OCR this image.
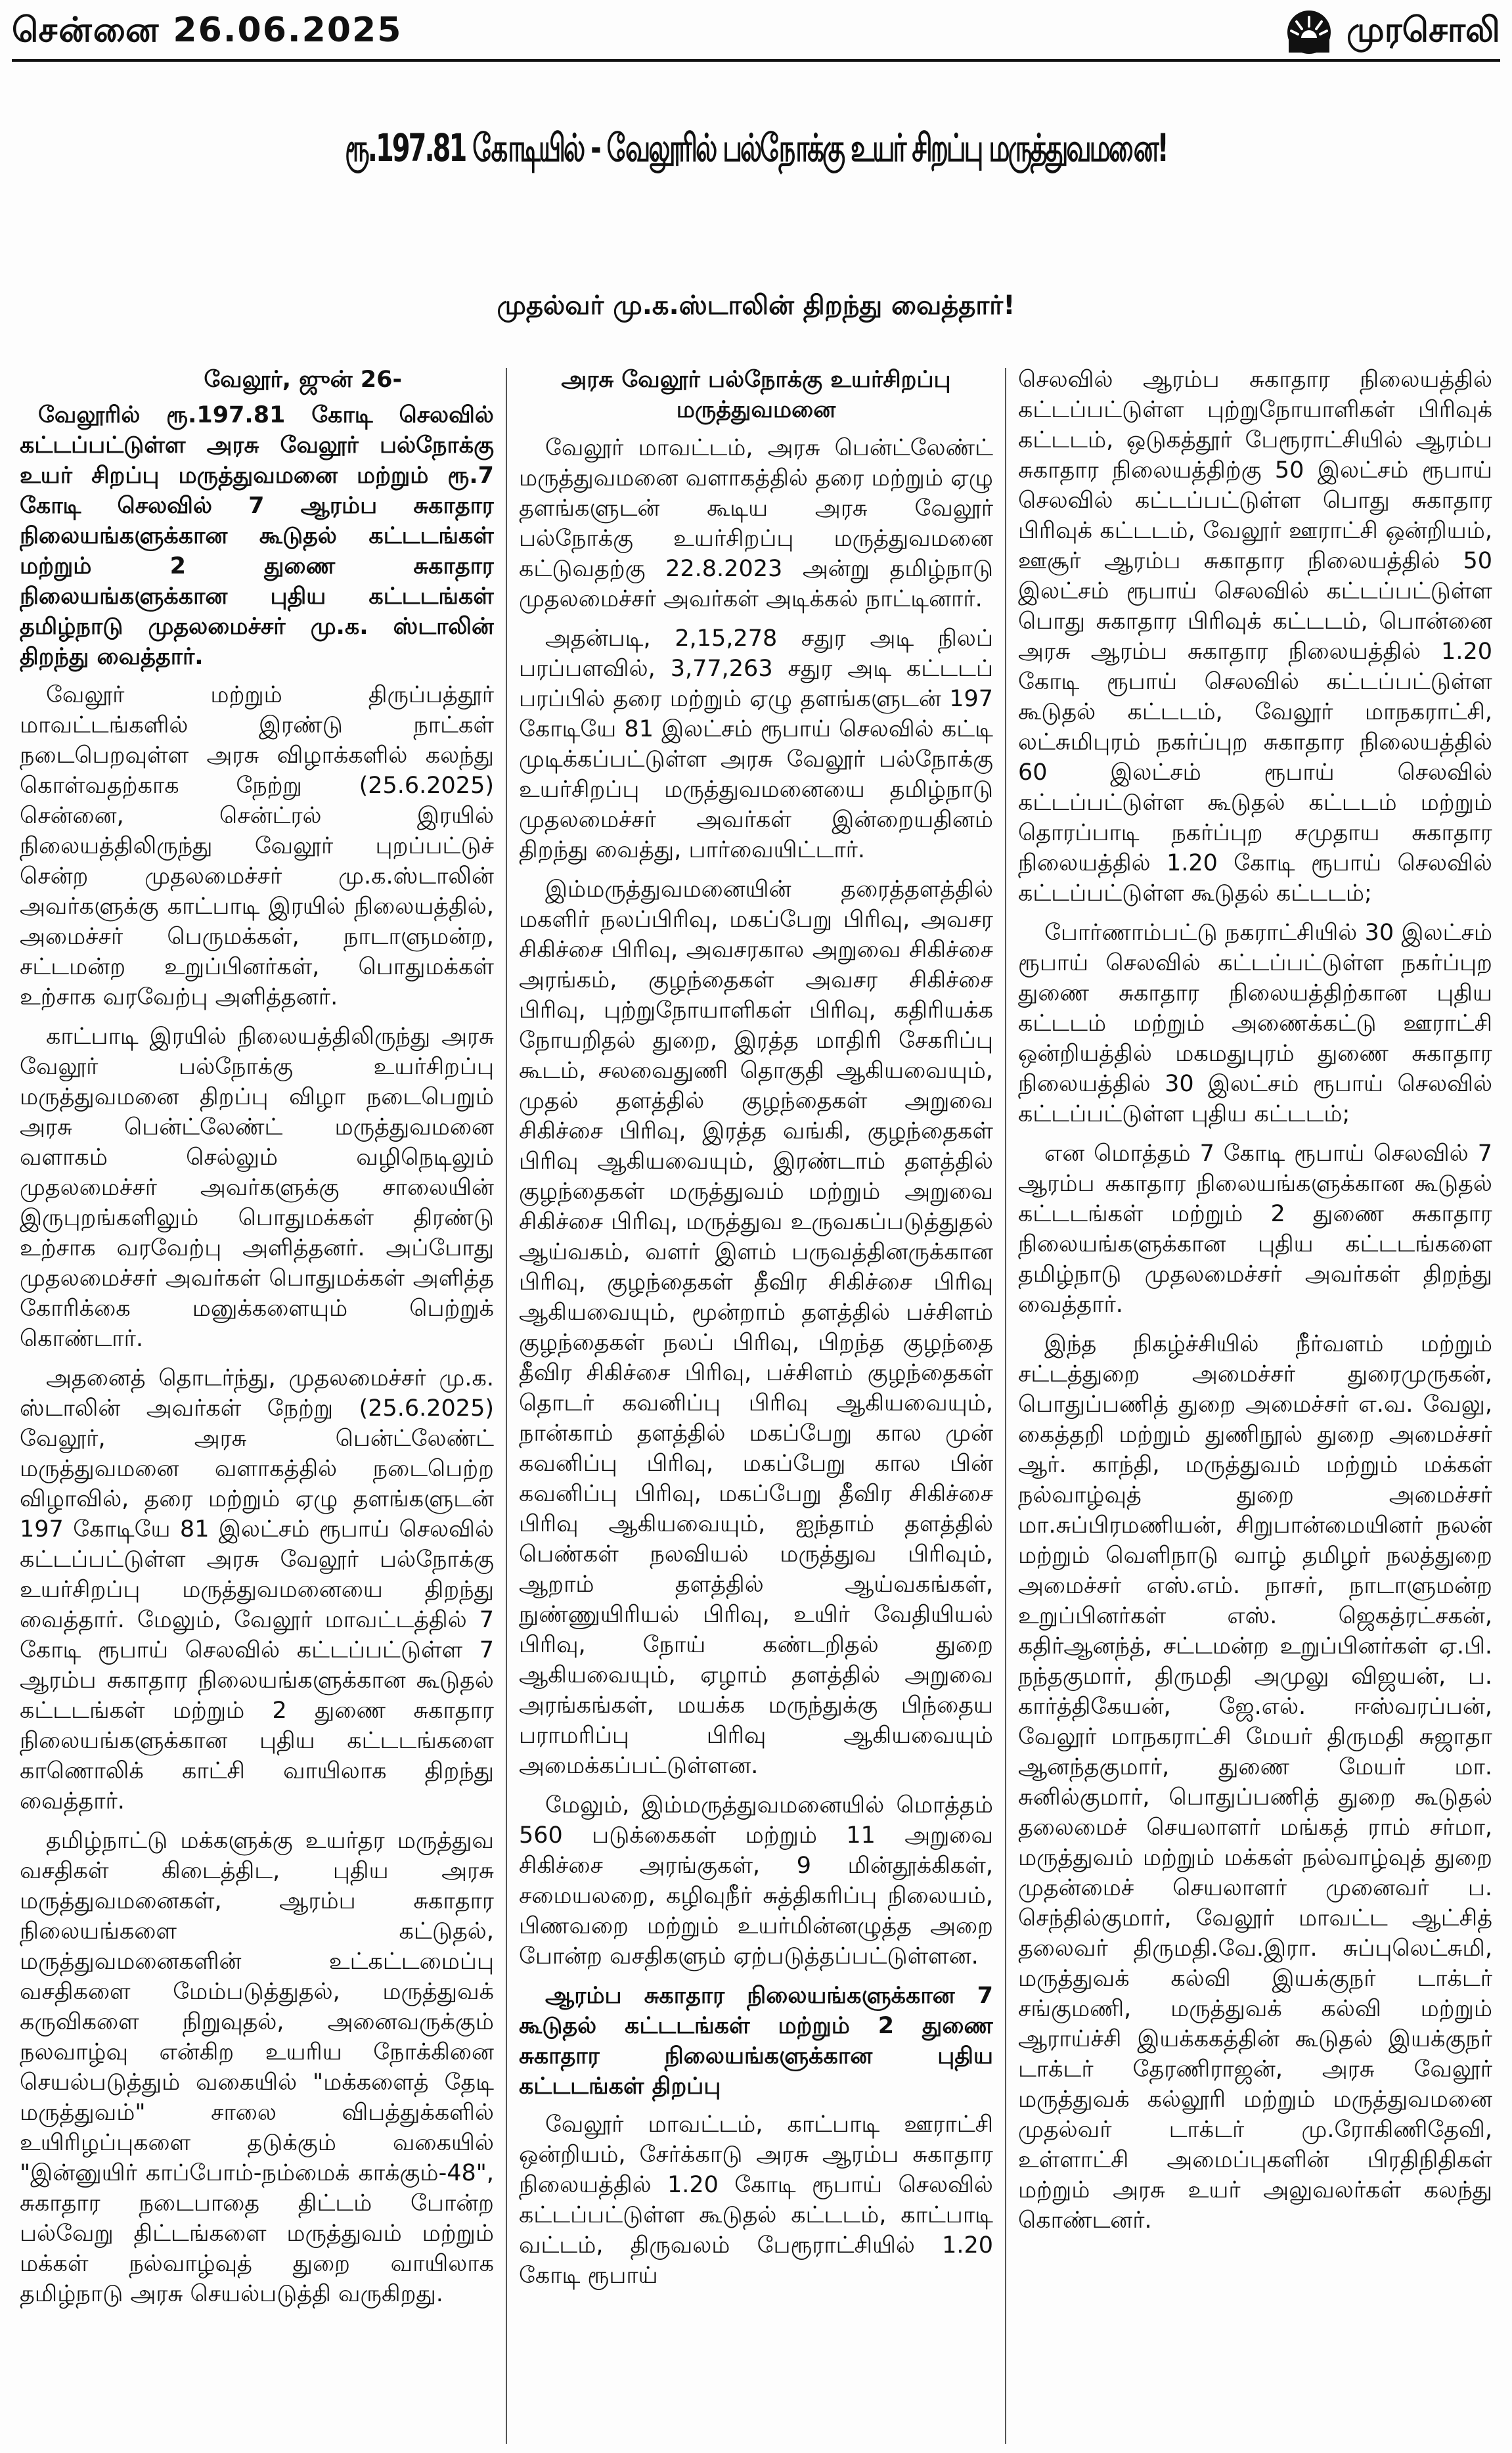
சென்னை 26.06.2025	முரசொலி
ரூ.197.81 கோடியில் - வேலூரில் பல்நோக்கு உயர் சிறப்பு மருத்துவமனை!
முதல்வர் மு.க.ஸ்டாலின் திறந்து வைத்தார்!

வேலூர், ஜுன் 26-

வேலூரில் ரூ.197.81 கோடி செலவில் கட்டப்பட்டுள்ள அரசு வேலூர் பல்நோக்கு உயர் சிறப்பு மருத்துவமனை மற்றும் ரூ.7 கோடி செலவில் 7 ஆரம்ப சுகாதார நிலையங்களுக்கான கூடுதல் கட்டடங்கள் மற்றும் 2 துணை சுகாதார நிலையங்களுக்கான புதிய கட்டடங்கள் தமிழ்நாடு முதலமைச்சர் மு.க. ஸ்டாலின் திறந்து வைத்தார்.

வேலூர் மற்றும் திருப்பத்தூர் மாவட்டங்களில் இரண்டு நாட்கள் நடைபெறவுள்ள அரசு விழாக்களில் கலந்து கொள்வதற்காக நேற்று (25.6.2025) சென்னை, சென்ட்ரல் இரயில் நிலையத்திலிருந்து வேலூர் புறப்பட்டுச் சென்ற முதலமைச்சர் மு.க.ஸ்டாலின் அவர்களுக்கு காட்பாடி இரயில் நிலையத்தில், அமைச்சர் பெருமக்கள், நாடாளுமன்ற, சட்டமன்ற உறுப்பினர்கள், பொதுமக்கள் உற்சாக வரவேற்பு அளித்தனர்.

காட்பாடி இரயில் நிலையத்திலிருந்து அரசு வேலூர் பல்நோக்கு உயர்சிறப்பு மருத்துவமனை திறப்பு விழா நடைபெறும் அரசு பென்ட்லேண்ட் மருத்துவமனை வளாகம் செல்லும் வழிநெடிலும் முதலமைச்சர் அவர்களுக்கு சாலையின் இருபுறங்களிலும் பொதுமக்கள் திரண்டு உற்சாக வரவேற்பு அளித்தனர். அப்போது முதலமைச்சர் அவர்கள் பொதுமக்கள் அளித்த கோரிக்கை மனுக்களையும் பெற்றுக் கொண்டார்.

அதனைத் தொடர்ந்து, முதலமைச்சர் மு.க. ஸ்டாலின் அவர்கள் நேற்று (25.6.2025) வேலூர், அரசு பென்ட்லேண்ட் மருத்துவமனை வளாகத்தில் நடைபெற்ற விழாவில், தரை மற்றும் ஏழு தளங்களுடன் 197 கோடியே 81 இலட்சம் ரூபாய் செலவில் கட்டப்பட்டுள்ள அரசு வேலூர் பல்நோக்கு உயர்சிறப்பு மருத்துவமனையை திறந்து வைத்தார். மேலும், வேலூர் மாவட்டத்தில் 7 கோடி ரூபாய் செலவில் கட்டப்பட்டுள்ள 7 ஆரம்ப சுகாதார நிலையங்களுக்கான கூடுதல் கட்டடங்கள் மற்றும் 2 துணை சுகாதார நிலையங்களுக்கான புதிய கட்டடங்களை காணொலிக் காட்சி வாயிலாக திறந்து வைத்தார்.

தமிழ்நாட்டு மக்களுக்கு உயர்தர மருத்துவ வசதிகள் கிடைத்திட, புதிய அரசு மருத்துவமனைகள், ஆரம்ப சுகாதார நிலையங்களை கட்டுதல், மருத்துவமனைகளின் உட்கட்டமைப்பு வசதிகளை மேம்படுத்துதல், மருத்துவக் கருவிகளை நிறுவுதல், அனைவருக்கும் நலவாழ்வு என்கிற உயரிய நோக்கினை செயல்படுத்தும் வகையில் "மக்களைத் தேடி மருத்துவம்" சாலை விபத்துக்களில் உயிரிழப்புகளை தடுக்கும் வகையில் "இன்னுயிர் காப்போம்-நம்மைக் காக்கும்-48", சுகாதார நடைபாதை திட்டம் போன்ற பல்வேறு திட்டங்களை மருத்துவம் மற்றும் மக்கள் நல்வாழ்வுத் துறை வாயிலாக தமிழ்நாடு அரசு செயல்படுத்தி வருகிறது.

அரசு வேலூர் பல்நோக்கு உயர்சிறப்பு மருத்துவமனை

வேலூர் மாவட்டம், அரசு பென்ட்லேண்ட் மருத்துவமனை வளாகத்தில் தரை மற்றும் ஏழு தளங்களுடன் கூடிய அரசு வேலூர் பல்நோக்கு உயர்சிறப்பு மருத்துவமனை கட்டுவதற்கு 22.8.2023 அன்று தமிழ்நாடு முதலமைச்சர் அவர்கள் அடிக்கல் நாட்டினார்.

அதன்படி, 2,15,278 சதுர அடி நிலப் பரப்பளவில், 3,77,263 சதுர அடி கட்டடப் பரப்பில் தரை மற்றும் ஏழு தளங்களுடன் 197 கோடியே 81 இலட்சம் ரூபாய் செலவில் கட்டி முடிக்கப்பட்டுள்ள அரசு வேலூர் பல்நோக்கு உயர்சிறப்பு மருத்துவமனையை தமிழ்நாடு முதலமைச்சர் அவர்கள் இன்றையதினம் திறந்து வைத்து, பார்வையிட்டார்.

இம்மருத்துவமனையின் தரைத்தளத்தில் மகளிர் நலப்பிரிவு, மகப்பேறு பிரிவு, அவசர சிகிச்சை பிரிவு, அவசரகால அறுவை சிகிச்சை அரங்கம், குழந்தைகள் அவசர சிகிச்சை பிரிவு, புற்றுநோயாளிகள் பிரிவு, கதிரியக்க நோயறிதல் துறை, இரத்த மாதிரி சேகரிப்பு கூடம், சலவைதுணி தொகுதி ஆகியவையும், முதல் தளத்தில் குழந்தைகள் அறுவை சிகிச்சை பிரிவு, இரத்த வங்கி, குழந்தைகள் பிரிவு ஆகியவையும், இரண்டாம் தளத்தில் குழந்தைகள் மருத்துவம் மற்றும் அறுவை சிகிச்சை பிரிவு, மருத்துவ உருவகப்படுத்துதல் ஆய்வகம், வளர் இளம் பருவத்தினருக்கான பிரிவு, குழந்தைகள் தீவிர சிகிச்சை பிரிவு ஆகியவையும், மூன்றாம் தளத்தில் பச்சிளம் குழந்தைகள் நலப் பிரிவு, பிறந்த குழந்தை தீவிர சிகிச்சை பிரிவு, பச்சிளம் குழந்தைகள் தொடர் கவனிப்பு பிரிவு ஆகியவையும், நான்காம் தளத்தில் மகப்பேறு கால முன் கவனிப்பு பிரிவு, மகப்பேறு கால பின் கவனிப்பு பிரிவு, மகப்பேறு தீவிர சிகிச்சை பிரிவு ஆகியவையும், ஐந்தாம் தளத்தில் பெண்கள் நலவியல் மருத்துவ பிரிவும், ஆறாம் தளத்தில் ஆய்வகங்கள், நுண்ணுயிரியல் பிரிவு, உயிர் வேதியியல் பிரிவு, நோய் கண்டறிதல் துறை ஆகியவையும், ஏழாம் தளத்தில் அறுவை அரங்கங்கள், மயக்க மருந்துக்கு பிந்தைய பராமரிப்பு பிரிவு ஆகியவையும் அமைக்கப்பட்டுள்ளன.

மேலும், இம்மருத்துவமனையில் மொத்தம் 560 படுக்கைகள் மற்றும் 11 அறுவை சிகிச்சை அரங்குகள், 9 மின்தூக்கிகள், சமையலறை, கழிவுநீர் சுத்திகரிப்பு நிலையம், பிணவறை மற்றும் உயர்மின்னழுத்த அறை போன்ற வசதிகளும் ஏற்படுத்தப்பட்டுள்ளன.

ஆரம்ப சுகாதார நிலையங்களுக்கான 7 கூடுதல் கட்டடங்கள் மற்றும் 2 துணை சுகாதார நிலையங்களுக்கான புதிய கட்டடங்கள் திறப்பு

வேலூர் மாவட்டம், காட்பாடி ஊராட்சி ஒன்றியம், சேர்க்காடு அரசு ஆரம்ப சுகாதார நிலையத்தில் 1.20 கோடி ரூபாய் செலவில் கட்டப்பட்டுள்ள கூடுதல் கட்டடம், காட்பாடி வட்டம், திருவலம் பேரூராட்சியில் 1.20 கோடி ரூபாய்

செலவில் ஆரம்ப சுகாதார நிலையத்தில் கட்டப்பட்டுள்ள புற்றுநோயாளிகள் பிரிவுக் கட்டடம், ஒடுகத்தூர் பேரூராட்சியில் ஆரம்ப சுகாதார நிலையத்திற்கு 50 இலட்சம் ரூபாய் செலவில் கட்டப்பட்டுள்ள பொது சுகாதார பிரிவுக் கட்டடம், வேலூர் ஊராட்சி ஒன்றியம், ஊசூர் ஆரம்ப சுகாதார நிலையத்தில் 50 இலட்சம் ரூபாய் செலவில் கட்டப்பட்டுள்ள பொது சுகாதார பிரிவுக் கட்டடம், பொன்னை அரசு ஆரம்ப சுகாதார நிலையத்தில் 1.20 கோடி ரூபாய் செலவில் கட்டப்பட்டுள்ள கூடுதல் கட்டடம், வேலூர் மாநகராட்சி, லட்சுமிபுரம் நகர்ப்புற சுகாதார நிலையத்தில் 60 இலட்சம் ரூபாய் செலவில் கட்டப்பட்டுள்ள கூடுதல் கட்டடம் மற்றும் தொரப்பாடி நகர்ப்புற சமுதாய சுகாதார நிலையத்தில் 1.20 கோடி ரூபாய் செலவில் கட்டப்பட்டுள்ள கூடுதல் கட்டடம்;

போர்ணாம்பட்டு நகராட்சியில் 30 இலட்சம் ரூபாய் செலவில் கட்டப்பட்டுள்ள நகர்ப்புற துணை சுகாதார நிலையத்திற்கான புதிய கட்டடம் மற்றும் அணைக்கட்டு ஊராட்சி ஒன்றியத்தில் மகமதுபுரம் துணை சுகாதார நிலையத்தில் 30 இலட்சம் ரூபாய் செலவில் கட்டப்பட்டுள்ள புதிய கட்டடம்;

என மொத்தம் 7 கோடி ரூபாய் செலவில் 7 ஆரம்ப சுகாதார நிலையங்களுக்கான கூடுதல் கட்டடங்கள் மற்றும் 2 துணை சுகாதார நிலையங்களுக்கான புதிய கட்டடங்களை தமிழ்நாடு முதலமைச்சர் அவர்கள் திறந்து வைத்தார்.

இந்த நிகழ்ச்சியில் நீர்வளம் மற்றும் சட்டத்துறை அமைச்சர் துரைமுருகன், பொதுப்பணித் துறை அமைச்சர் எ.வ. வேலு, கைத்தறி மற்றும் துணிநூல் துறை அமைச்சர் ஆர். காந்தி, மருத்துவம் மற்றும் மக்கள் நல்வாழ்வுத் துறை அமைச்சர் மா.சுப்பிரமணியன், சிறுபான்மையினர் நலன் மற்றும் வெளிநாடு வாழ் தமிழர் நலத்துறை அமைச்சர் எஸ்.எம். நாசர், நாடாளுமன்ற உறுப்பினர்கள் எஸ். ஜெகத்ரட்சகன், கதிர்ஆனந்த், சட்டமன்ற உறுப்பினர்கள் ஏ.பி. நந்தகுமார், திருமதி அமுலு விஜயன், ப. கார்த்திகேயன், ஜே.எல். ஈஸ்வரப்பன், வேலூர் மாநகராட்சி மேயர் திருமதி சுஜாதா ஆனந்தகுமார், துணை மேயர் மா. சுனில்குமார், பொதுப்பணித் துறை கூடுதல் தலைமைச் செயலாளர் மங்கத் ராம் சர்மா, மருத்துவம் மற்றும் மக்கள் நல்வாழ்வுத் துறை முதன்மைச் செயலாளர் முனைவர் ப. செந்தில்குமார், வேலூர் மாவட்ட ஆட்சித் தலைவர் திருமதி.வே.இரா. சுப்புலெட்சுமி, மருத்துவக் கல்வி இயக்குநர் டாக்டர் சங்குமணி, மருத்துவக் கல்வி மற்றும் ஆராய்ச்சி இயக்ககத்தின் கூடுதல் இயக்குநர் டாக்டர் தேரணிராஜன், அரசு வேலூர் மருத்துவக் கல்லூரி மற்றும் மருத்துவமனை முதல்வர் டாக்டர் மு.ரோகிணிதேவி, உள்ளாட்சி அமைப்புகளின் பிரதிநிதிகள் மற்றும் அரசு உயர் அலுவலர்கள் கலந்து கொண்டனர்.
